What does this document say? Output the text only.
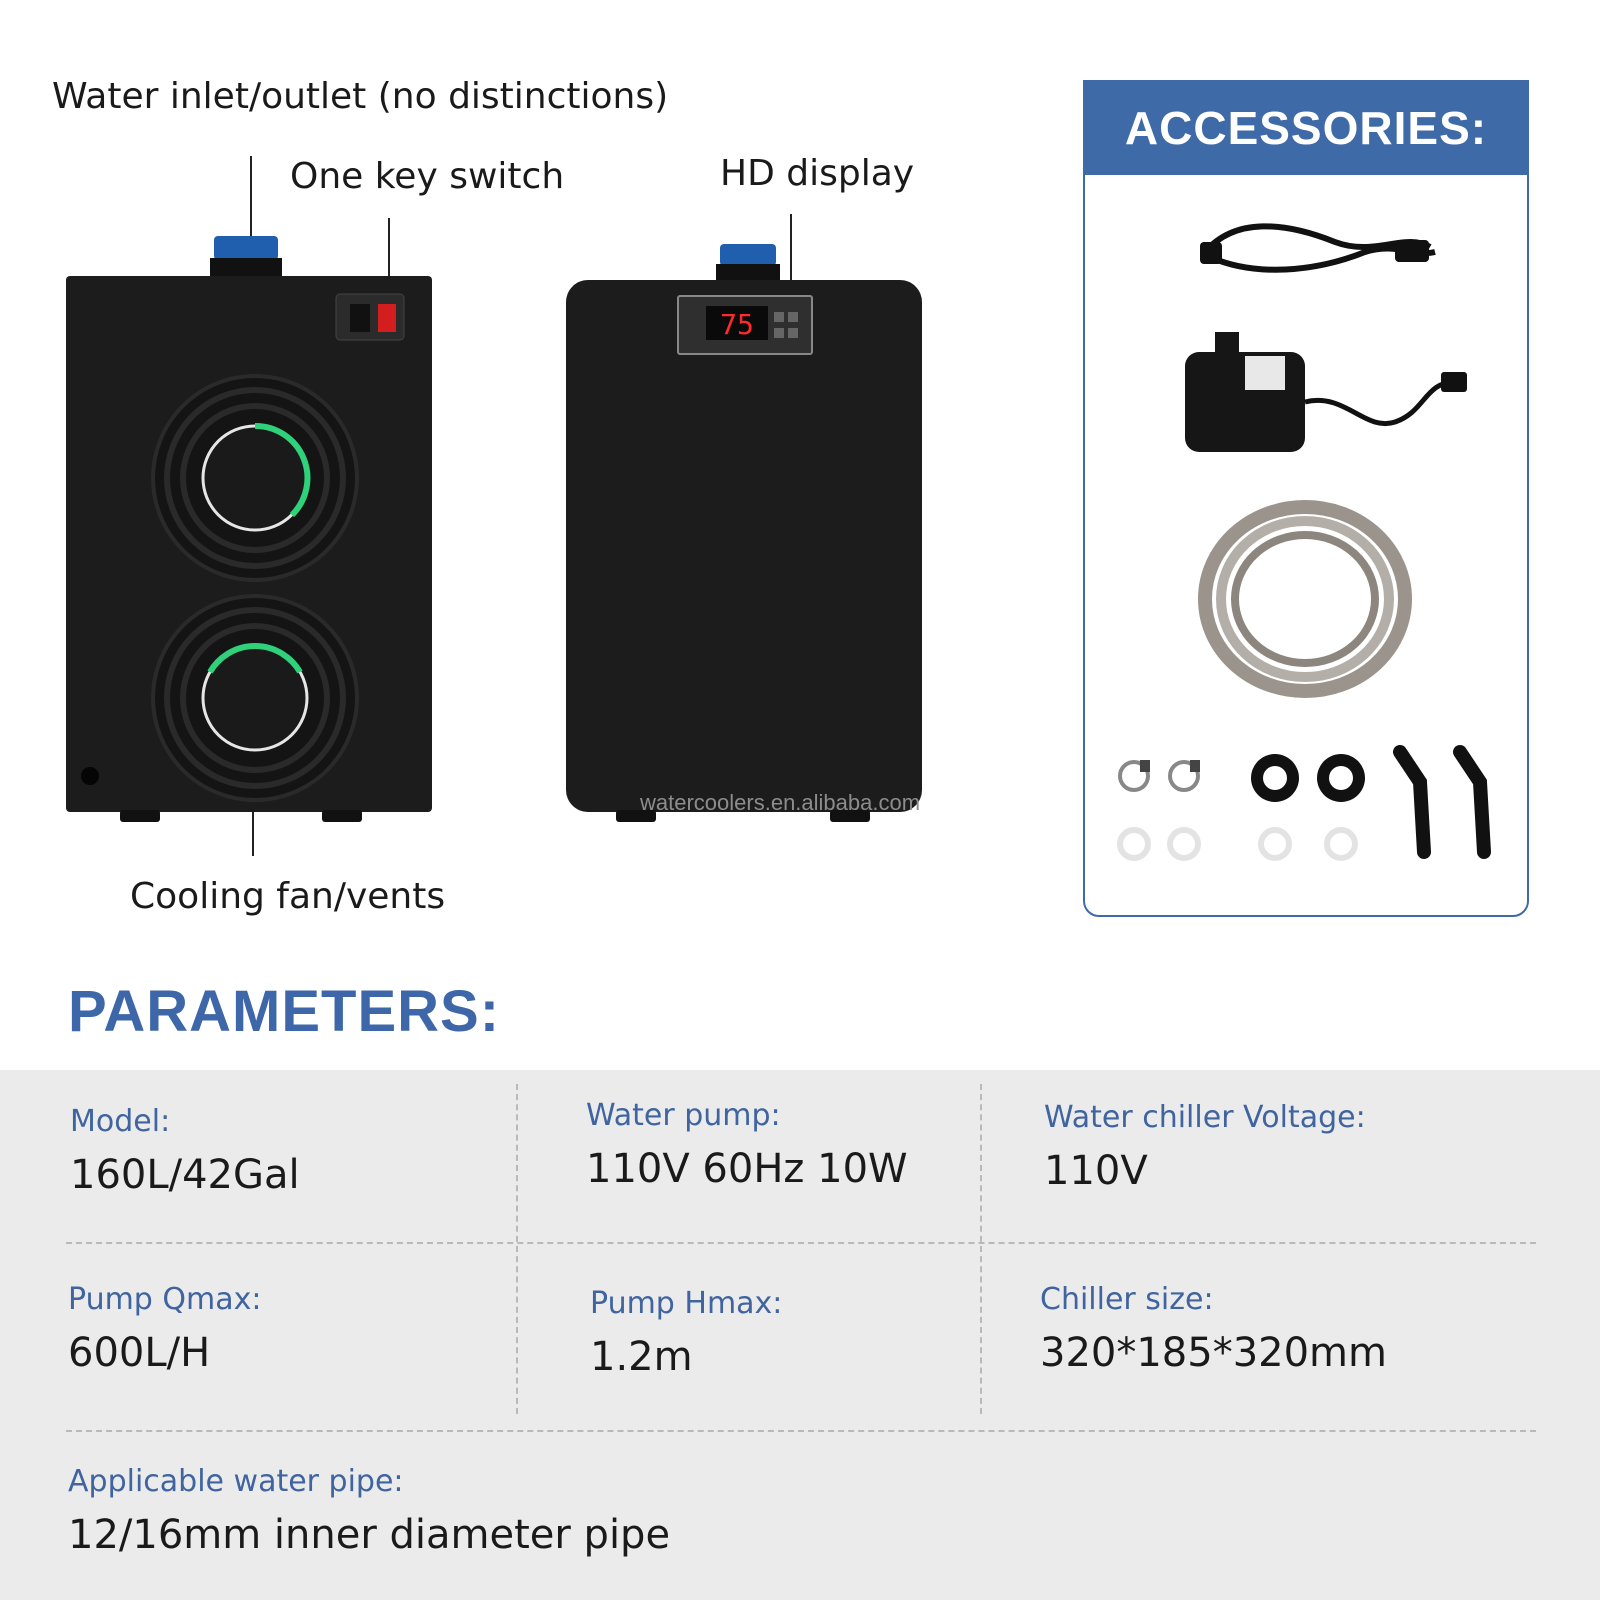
Water inlet/outlet (no distinctions)
One key switch	HD display
Cooling fan/vents
75
watercoolers.en.alibaba.com
ACCESSORIES:
PARAMETERS:
Model:
160L/42Gal
Water pump:
110V 60Hz 10W
Water chiller Voltage:
110V
Pump Qmax:
600L/H
Pump Hmax:
1.2m
Chiller size:
320*185*320mm
Applicable water pipe:
12/16mm inner diameter pipe
